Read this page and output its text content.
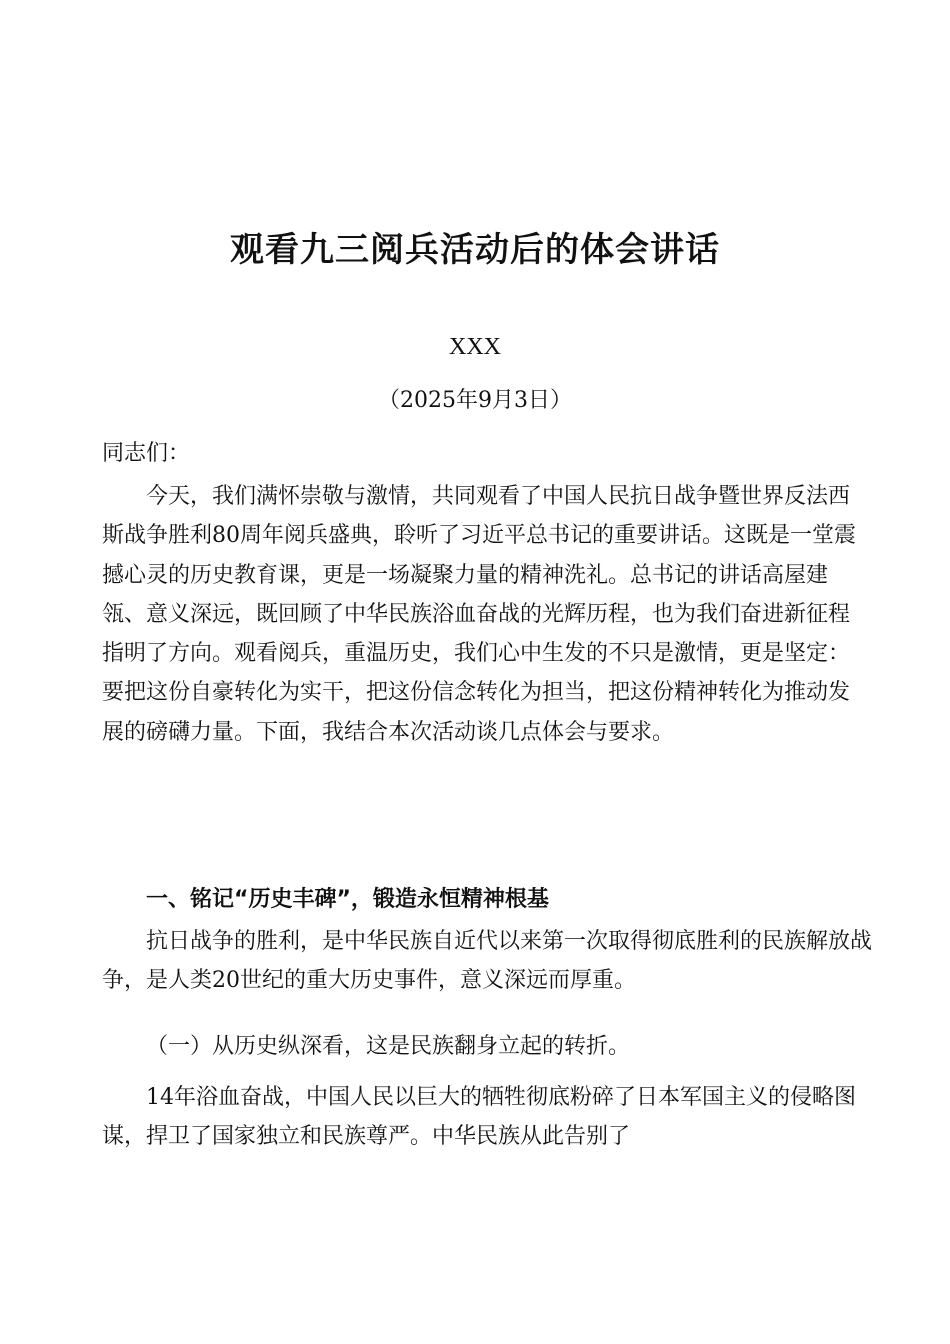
观看九三阅兵活动后的体会讲话
XXX
（2025年9月3日）

同志们：

今天，我们满怀崇敬与激情，共同观看了中国人民抗日战争暨世界反法西斯战争胜利80周年阅兵盛典，聆听了习近平总书记的重要讲话。这既是一堂震撼心灵的历史教育课，更是一场凝聚力量的精神洗礼。总书记的讲话高屋建瓴、意义深远，既回顾了中华民族浴血奋战的光辉历程，也为我们奋进新征程指明了方向。观看阅兵，重温历史，我们心中生发的不只是激情，更是坚定：要把这份自豪转化为实干，把这份信念转化为担当，把这份精神转化为推动发展的磅礴力量。下面，我结合本次活动谈几点体会与要求。

一、铭记“历史丰碑”，锻造永恒精神根基

抗日战争的胜利，是中华民族自近代以来第一次取得彻底胜利的民族解放战争，是人类20世纪的重大历史事件，意义深远而厚重。

（一）从历史纵深看，这是民族翻身立起的转折。

14年浴血奋战，中国人民以巨大的牺牲彻底粉碎了日本军国主义的侵略图谋，捍卫了国家独立和民族尊严。中华民族从此告别了
